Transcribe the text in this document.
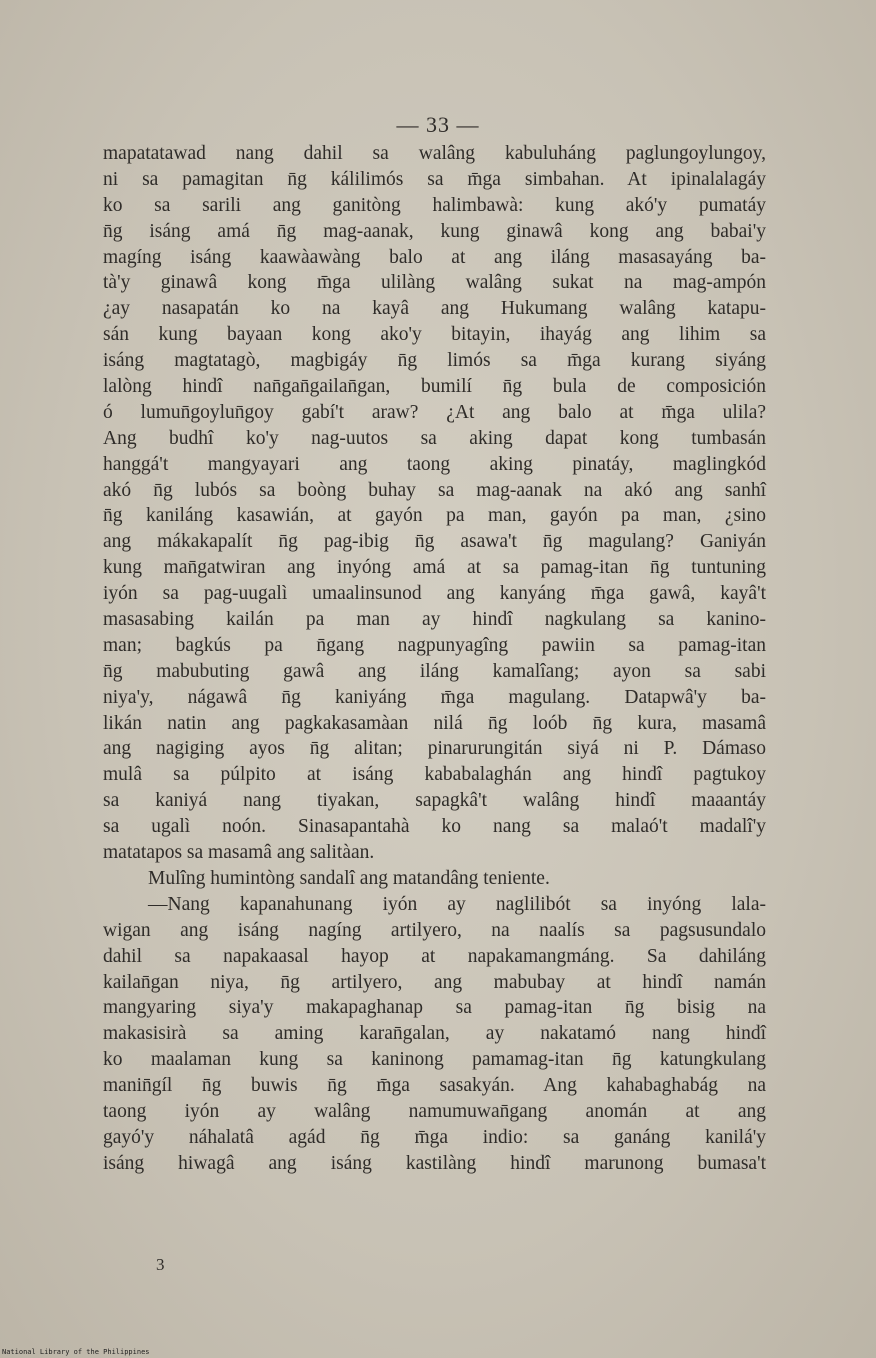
— 33 —
mapatatawad nang dahil sa walâng kabuluháng paglungoylungoy,
ni sa pamagitan n̄g kálilimós sa m̄ga simbahan. At ipinalalagáy
ko sa sarili ang ganitòng halimbawà: kung akó'y pumatáy
n̄g isáng amá n̄g mag-aanak, kung ginawâ kong ang babai'y
magíng isáng kaawàawàng balo at ang iláng masasayáng ba-
tà'y ginawâ kong m̄ga ulilàng walâng sukat na mag-ampón
¿ay nasapatán ko na kayâ ang Hukumang walâng katapu-
sán kung bayaan kong ako'y bitayin, ihayág ang lihim sa
isáng magtatagò, magbigáy n̄g limós sa m̄ga kurang siyáng
lalòng hindî nan̄gan̄gailan̄gan, bumilí n̄g bula de composición
ó lumun̄goylun̄goy gabí't araw? ¿At ang balo at m̄ga ulila?
Ang budhî ko'y nag-uutos sa aking dapat kong tumbasán
hanggá't mangyayari ang taong aking pinatáy, maglingkód
akó n̄g lubós sa boòng buhay sa mag-aanak na akó ang sanhî
n̄g kaniláng kasawián, at gayón pa man, gayón pa man, ¿sino
ang mákakapalít n̄g pag-ibig n̄g asawa't n̄g magulang? Ganiyán
kung man̄gatwiran ang inyóng amá at sa pamag-itan n̄g tuntuning
iyón sa pag-uugalì umaalinsunod ang kanyáng m̄ga gawâ, kayâ't
masasabing kailán pa man ay hindî nagkulang sa kanino-
man; bagkús pa n̄gang nagpunyagîng pawiin sa pamag-itan
n̄g mabubuting gawâ ang iláng kamalîang; ayon sa sabi
niya'y, nágawâ n̄g kaniyáng m̄ga magulang. Datapwâ'y ba-
likán natin ang pagkakasamàan nilá n̄g loób n̄g kura, masamâ
ang nagiging ayos n̄g alitan; pinarurungitán siyá ni P. Dámaso
mulâ sa púlpito at isáng kababalaghán ang hindî pagtukoy
sa kaniyá nang tiyakan, sapagkâ't walâng hindî maaantáy
sa ugalì noón. Sinasapantahà ko nang sa malaó't madalî'y
matatapos sa masamâ ang salitàan.
Mulîng humintòng sandalî ang matandâng teniente.
—Nang kapanahunang iyón ay naglilibót sa inyóng lala-
wigan ang isáng nagíng artilyero, na naalís sa pagsusundalo
dahil sa napakaasal hayop at napakamangmáng. Sa dahiláng
kailan̄gan niya, n̄g artilyero, ang mabubay at hindî namán
mangyaring siya'y makapaghanap sa pamag-itan n̄g bisig na
makasisirà sa aming karan̄galan, ay nakatamó nang hindî
ko maalaman kung sa kaninong pamamag-itan n̄g katungkulang
manin̄gíl n̄g buwis n̄g m̄ga sasakyán. Ang kahabaghabág na
taong iyón ay walâng namumuwan̄gang anomán at ang
gayó'y náhalatâ agád n̄g m̄ga indio: sa ganáng kanilá'y
isáng hiwagâ ang isáng kastilàng hindî marunong bumasa't
3
National Library of the Philippines
